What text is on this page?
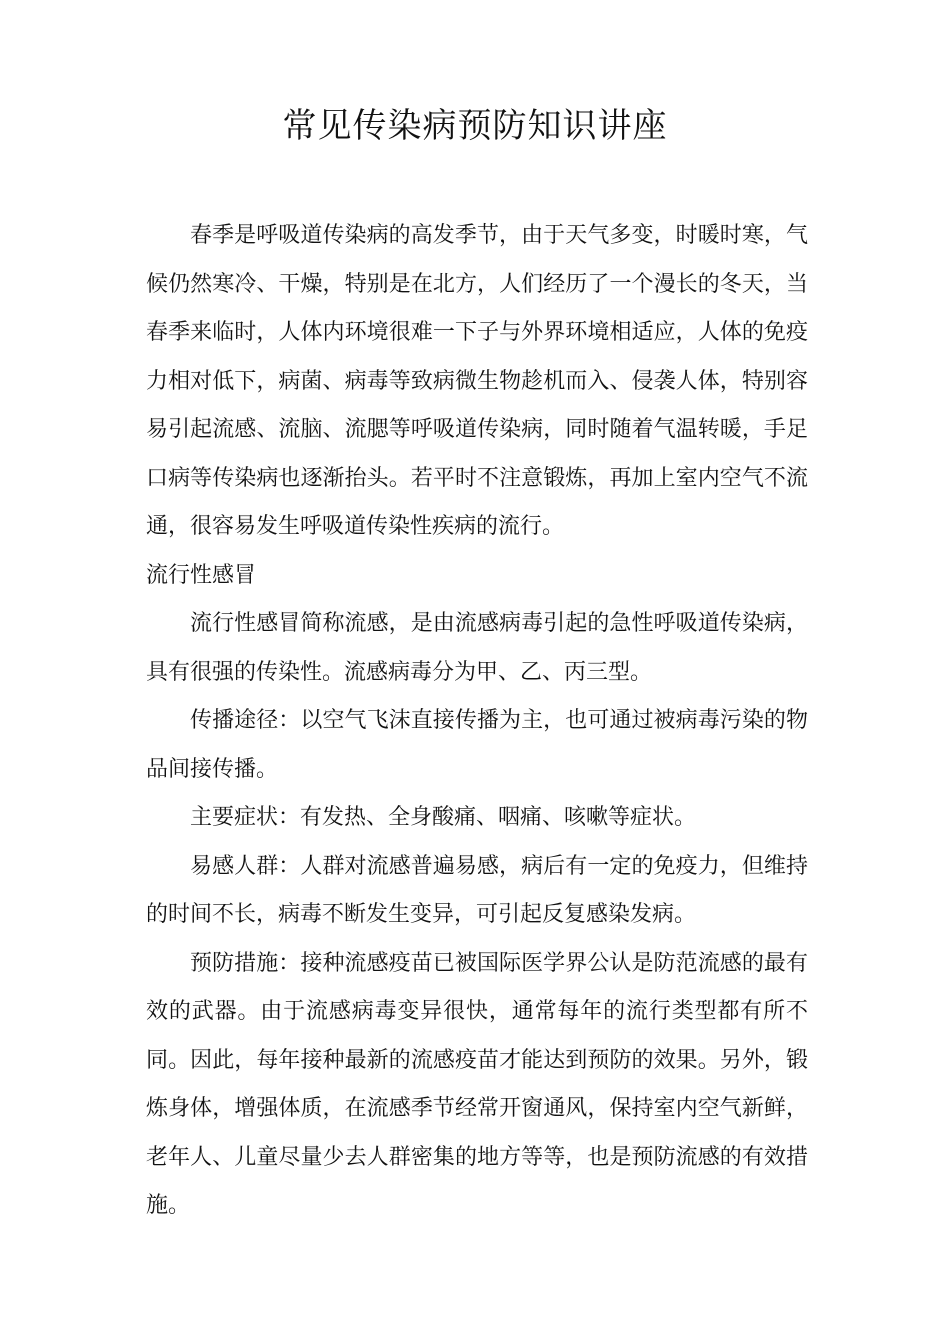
常见传染病预防知识讲座

春季是呼吸道传染病的高发季节，由于天气多变，时暖时寒，气候仍然寒冷、干燥，特别是在北方，人们经历了一个漫长的冬天，当春季来临时，人体内环境很难一下子与外界环境相适应，人体的免疫力相对低下，病菌、病毒等致病微生物趁机而入、侵袭人体，特别容易引起流感、流脑、流腮等呼吸道传染病，同时随着气温转暖，手足口病等传染病也逐渐抬头。若平时不注意锻炼，再加上室内空气不流通，很容易发生呼吸道传染性疾病的流行。

流行性感冒

流行性感冒简称流感，是由流感病毒引起的急性呼吸道传染病，具有很强的传染性。流感病毒分为甲、乙、丙三型。

传播途径：以空气飞沫直接传播为主，也可通过被病毒污染的物品间接传播。

主要症状：有发热、全身酸痛、咽痛、咳嗽等症状。

易感人群：人群对流感普遍易感，病后有一定的免疫力，但维持的时间不长，病毒不断发生变异，可引起反复感染发病。

预防措施：接种流感疫苗已被国际医学界公认是防范流感的最有效的武器。由于流感病毒变异很快，通常每年的流行类型都有所不同。因此，每年接种最新的流感疫苗才能达到预防的效果。另外，锻炼身体，增强体质，在流感季节经常开窗通风，保持室内空气新鲜，老年人、儿童尽量少去人群密集的地方等等，也是预防流感的有效措施。
